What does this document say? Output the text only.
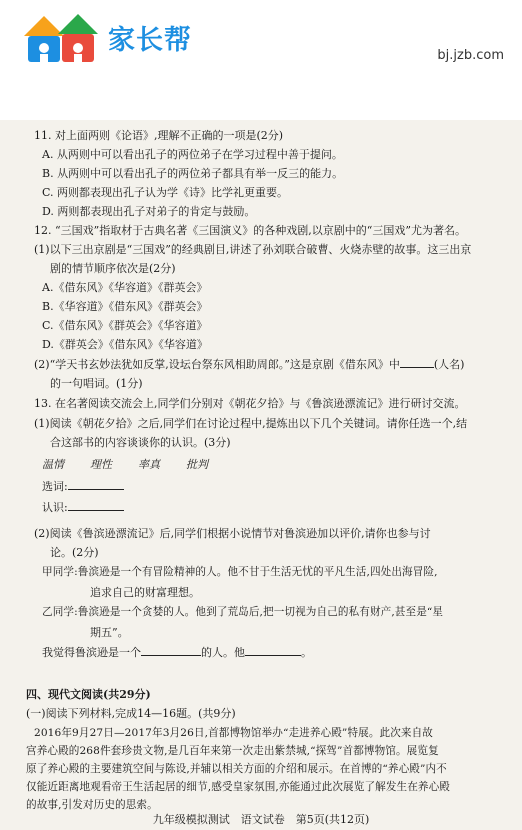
家长帮	bj.jzb.com
11. 对上面两则《论语》,理解不正确的一项是(2分)
A. 从两则中可以看出孔子的两位弟子在学习过程中善于提问。
B. 从两则中可以看出孔子的两位弟子都具有举一反三的能力。
C. 两则都表现出孔子认为学《诗》比学礼更重要。
D. 两则都表现出孔子对弟子的肯定与鼓励。
12. “三国戏”指取材于古典名著《三国演义》的各种戏剧,以京剧中的“三国戏”尤为著名。
(1)以下三出京剧是“三国戏”的经典剧目,讲述了孙刘联合破曹、火烧赤壁的故事。这三出京
剧的情节顺序依次是(2分)
A.《借东风》《华容道》《群英会》
B.《华容道》《借东风》《群英会》
C.《借东风》《群英会》《华容道》
D.《群英会》《借东风》《华容道》
(2)“学天书玄妙法犹如反掌,设坛台祭东风相助周郎。”这是京剧《借东风》中	(人名)
的一句唱词。(1分)
13. 在名著阅读交流会上,同学们分别对《朝花夕拾》与《鲁滨逊漂流记》进行研讨交流。
(1)阅读《朝花夕拾》之后,同学们在讨论过程中,提炼出以下几个关键词。请你任选一个,结
合这部书的内容谈谈你的认识。(3分)
温情 理性 率真 批判
选词:
认识:
(2)阅读《鲁滨逊漂流记》后,同学们根据小说情节对鲁滨逊加以评价,请你也参与讨
论。(2分)
甲同学:鲁滨逊是一个有冒险精神的人。他不甘于生活无忧的平凡生活,四处出海冒险,
追求自己的财富理想。
乙同学:鲁滨逊是一个贪婪的人。他到了荒岛后,把一切视为自己的私有财产,甚至是“星
期五”。
我觉得鲁滨逊是一个	的人。他	。
四、现代文阅读(共29分)
(一)阅读下列材料,完成14—16题。(共9分)
2016年9月27日—2017年3月26日,首都博物馆举办“走进养心殿”特展。此次来自故
宫养心殿的268件套珍贵文物,是几百年来第一次走出紫禁城,“探驾”首都博物馆。展览复
原了养心殿的主要建筑空间与陈设,并辅以相关方面的介绍和展示。在首博的“养心殿”内不
仅能近距离地观看帝王生活起居的细节,感受皇家氛围,亦能通过此次展览了解发生在养心殿
的故事,引发对历史的思索。
九年级模拟测试　语文试卷　第5页(共12页)
